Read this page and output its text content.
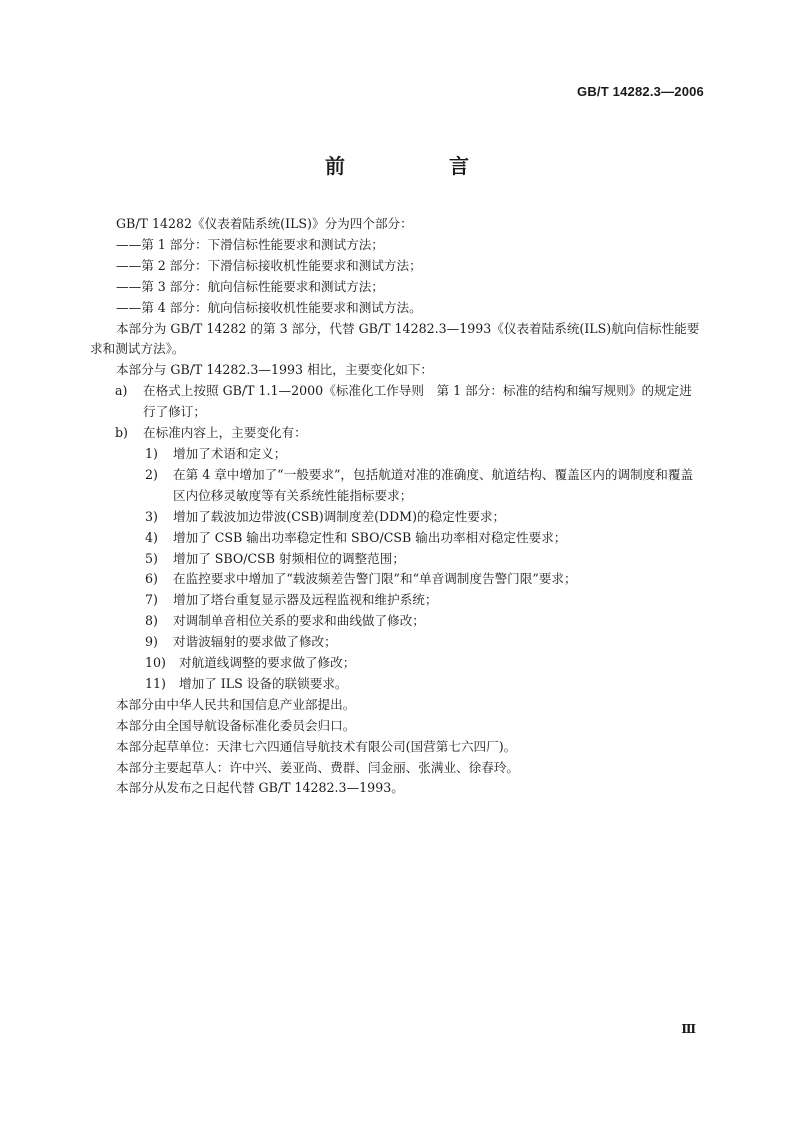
GB/T 14282.3—2006
前　言

GB/T 14282《仪表着陆系统(ILS)》分为四个部分：

——第 1 部分：下滑信标性能要求和测试方法；

——第 2 部分：下滑信标接收机性能要求和测试方法；

——第 3 部分：航向信标性能要求和测试方法；

——第 4 部分：航向信标接收机性能要求和测试方法。

本部分为 GB/T 14282 的第 3 部分，代替 GB/T 14282.3—1993《仪表着陆系统(ILS)航向信标性能要求和测试方法》。

本部分与 GB/T 14282.3—1993 相比，主要变化如下：

a) 在格式上按照 GB/T 1.1—2000《标准化工作导则　第 1 部分：标准的结构和编写规则》的规定进行了修订；

b) 在标准内容上，主要变化有：

1) 增加了术语和定义；

2) 在第 4 章中增加了“一般要求”，包括航道对准的准确度、航道结构、覆盖区内的调制度和覆盖区内位移灵敏度等有关系统性能指标要求；

3) 增加了载波加边带波(CSB)调制度差(DDM)的稳定性要求；

4) 增加了 CSB 输出功率稳定性和 SBO/CSB 输出功率相对稳定性要求；

5) 增加了 SBO/CSB 射频相位的调整范围；

6) 在监控要求中增加了“载波频差告警门限”和“单音调制度告警门限”要求；

7) 增加了塔台重复显示器及远程监视和维护系统；

8) 对调制单音相位关系的要求和曲线做了修改；

9) 对谐波辐射的要求做了修改；

10) 对航道线调整的要求做了修改；

11) 增加了 ILS 设备的联锁要求。

本部分由中华人民共和国信息产业部提出。

本部分由全国导航设备标准化委员会归口。

本部分起草单位：天津七六四通信导航技术有限公司(国营第七六四厂)。

本部分主要起草人：许中兴、姜亚尚、费群、闫金丽、张满业、徐春玲。

本部分从发布之日起代替 GB/T 14282.3—1993。

Ⅲ
